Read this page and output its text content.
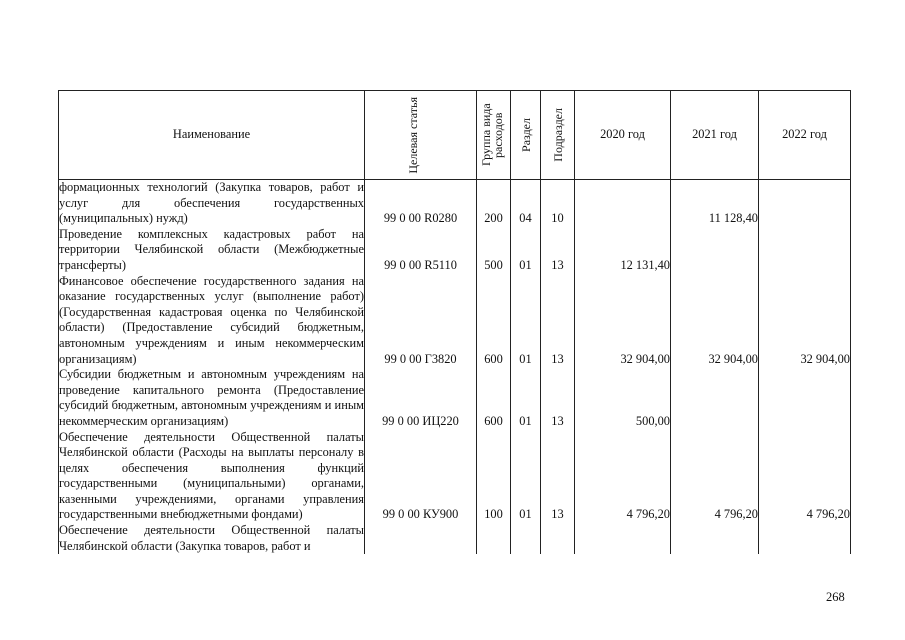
Наименование	Целевая статья	Группа вида расходов	Раздел	Подраздел	2020 год	2021 год	2022 год
формационных технологий (Закупка товаров, работ и услуг для обеспечения государственных (муниципальных) нужд)	99 0 00 R0280	200	04	10		11 128,40	
Проведение комплексных кадастровых работ на территории Челябинской области (Межбюджетные трансферты)	99 0 00 R5110	500	01	13	12 131,40		
Финансовое обеспечение государственного задания на оказание государственных услуг (выполнение работ) (Государственная кадастровая оценка по Челябинской области) (Предоставление субсидий бюджетным, автономным учреждениям и иным некоммерческим организациям)	99 0 00 Г3820	600	01	13	32 904,00	32 904,00	32 904,00
Субсидии бюджетным и автономным учреждениям на проведение капитального ремонта (Предоставление субсидий бюджетным, автономным учреждениям и иным некоммерческим организациям)	99 0 00 ИЦ220	600	01	13	500,00		
Обеспечение деятельности Общественной палаты Челябинской области (Расходы на выплаты персоналу в целях обеспечения выполнения функций государственными (муниципальными) органами, казенными учреждениями, органами управления государственными внебюджетными фондами)	99 0 00 КУ900	100	01	13	4 796,20	4 796,20	4 796,20
Обеспечение деятельности Общественной палаты Челябинской области (Закупка товаров, работ и							
268
